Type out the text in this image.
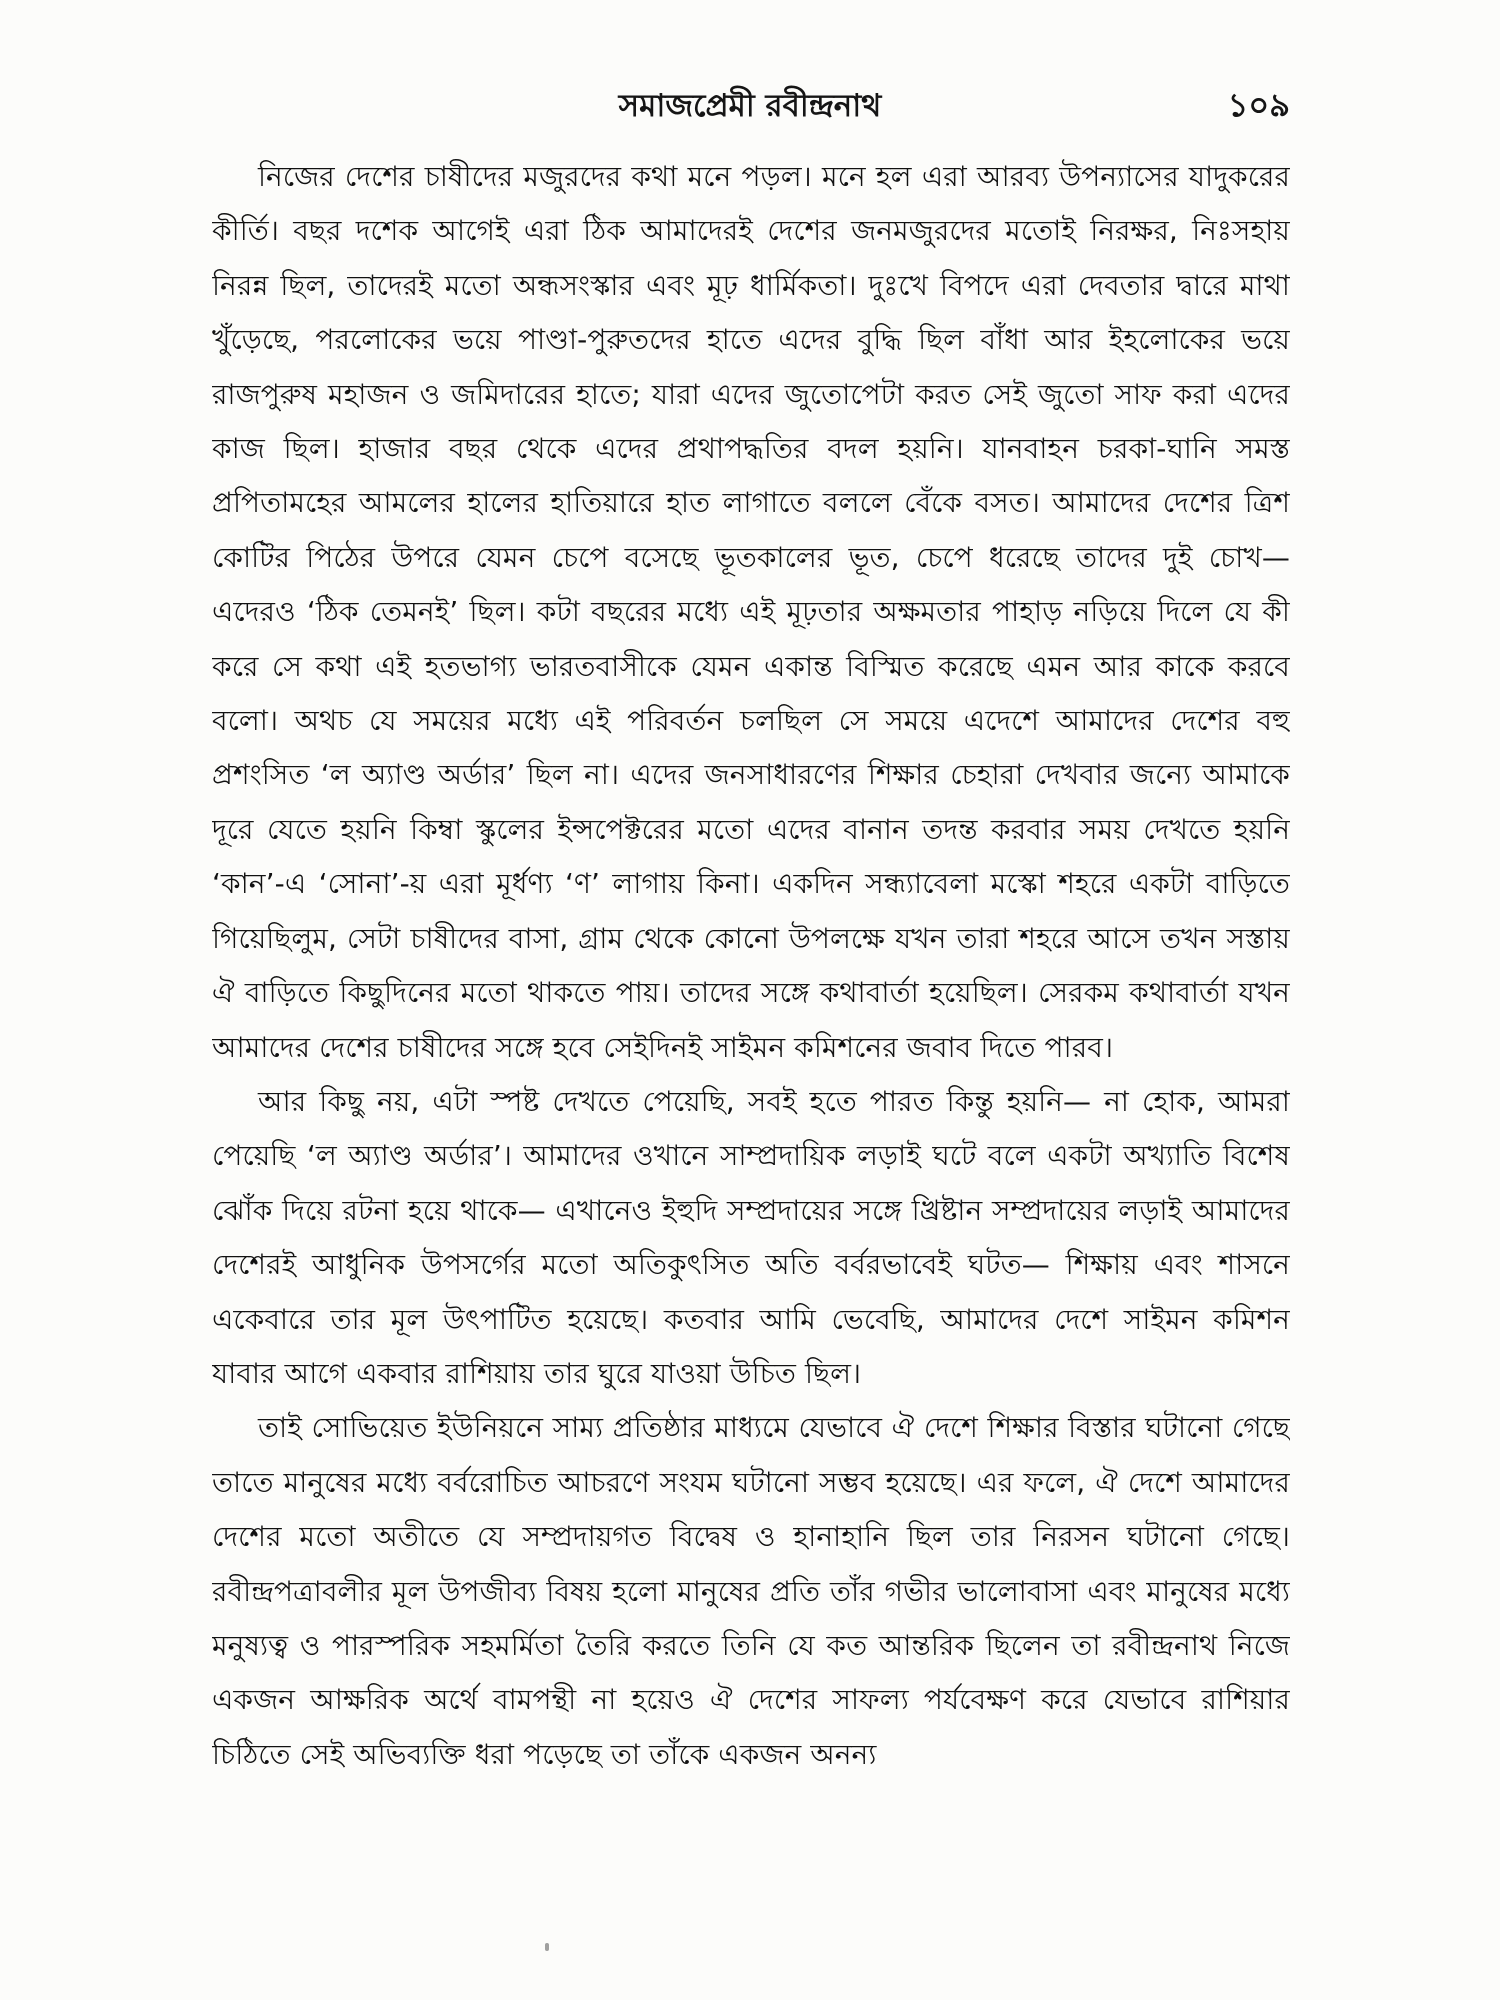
সমাজপ্রেমী রবীন্দ্রনাথ	১০৯

নিজের দেশের চাষীদের মজুরদের কথা মনে পড়ল। মনে হল এরা আরব্য উপন্যাসের যাদুকরের কীর্তি। বছর দশেক আগেই এরা ঠিক আমাদেরই দেশের জনমজুরদের মতোই নিরক্ষর, নিঃসহায় নিরন্ন ছিল, তাদেরই মতো অন্ধসংস্কার এবং মূঢ় ধার্মিকতা। দুঃখে বিপদে এরা দেবতার দ্বারে মাথা খুঁড়েছে, পরলোকের ভয়ে পাণ্ডা-পুরুতদের হাতে এদের বুদ্ধি ছিল বাঁধা আর ইহলোকের ভয়ে রাজপুরুষ মহাজন ও জমিদারের হাতে; যারা এদের জুতোপেটা করত সেই জুতো সাফ করা এদের কাজ ছিল। হাজার বছর থেকে এদের প্রথাপদ্ধতির বদল হয়নি। যানবাহন চরকা-ঘানি সমস্ত প্রপিতামহের আমলের হালের হাতিয়ারে হাত লাগাতে বললে বেঁকে বসত। আমাদের দেশের ত্রিশ কোটির পিঠের উপরে যেমন চেপে বসেছে ভূতকালের ভূত, চেপে ধরেছে তাদের দুই চোখ— এদেরও ‘ঠিক তেমনই’ ছিল। কটা বছরের মধ্যে এই মূঢ়তার অক্ষমতার পাহাড় নড়িয়ে দিলে যে কী করে সে কথা এই হতভাগ্য ভারতবাসীকে যেমন একান্ত বিস্মিত করেছে এমন আর কাকে করবে বলো। অথচ যে সময়ের মধ্যে এই পরিবর্তন চলছিল সে সময়ে এদেশে আমাদের দেশের বহু প্রশংসিত ‘ল অ্যাণ্ড অর্ডার’ ছিল না। এদের জনসাধারণের শিক্ষার চেহারা দেখবার জন্যে আমাকে দূরে যেতে হয়নি কিম্বা স্কুলের ইন্সপেক্টরের মতো এদের বানান তদন্ত করবার সময় দেখতে হয়নি ‘কান’-এ ‘সোনা’-য় এরা মূর্ধণ্য ‘ণ’ লাগায় কিনা। একদিন সন্ধ্যাবেলা মস্কো শহরে একটা বাড়িতে গিয়েছিলুম, সেটা চাষীদের বাসা, গ্রাম থেকে কোনো উপলক্ষে যখন তারা শহরে আসে তখন সস্তায় ঐ বাড়িতে কিছুদিনের মতো থাকতে পায়। তাদের সঙ্গে কথাবার্তা হয়েছিল। সেরকম কথাবার্তা যখন আমাদের দেশের চাষীদের সঙ্গে হবে সেইদিনই সাইমন কমিশনের জবাব দিতে পারব।

আর কিছু নয়, এটা স্পষ্ট দেখতে পেয়েছি, সবই হতে পারত কিন্তু হয়নি— না হোক, আমরা পেয়েছি ‘ল অ্যাণ্ড অর্ডার’। আমাদের ওখানে সাম্প্রদায়িক লড়াই ঘটে বলে একটা অখ্যাতি বিশেষ ঝোঁক দিয়ে রটনা হয়ে থাকে— এখানেও ইহুদি সম্প্রদায়ের সঙ্গে খ্রিষ্টান সম্প্রদায়ের লড়াই আমাদের দেশেরই আধুনিক উপসর্গের মতো অতিকুৎসিত অতি বর্বরভাবেই ঘটত— শিক্ষায় এবং শাসনে একেবারে তার মূল উৎপাটিত হয়েছে। কতবার আমি ভেবেছি, আমাদের দেশে সাইমন কমিশন যাবার আগে একবার রাশিয়ায় তার ঘুরে যাওয়া উচিত ছিল।

তাই সোভিয়েত ইউনিয়নে সাম্য প্রতিষ্ঠার মাধ্যমে যেভাবে ঐ দেশে শিক্ষার বিস্তার ঘটানো গেছে তাতে মানুষের মধ্যে বর্বরোচিত আচরণে সংযম ঘটানো সম্ভব হয়েছে। এর ফলে, ঐ দেশে আমাদের দেশের মতো অতীতে যে সম্প্রদায়গত বিদ্বেষ ও হানাহানি ছিল তার নিরসন ঘটানো গেছে। রবীন্দ্রপত্রাবলীর মূল উপজীব্য বিষয় হলো মানুষের প্রতি তাঁর গভীর ভালোবাসা এবং মানুষের মধ্যে মনুষ্যত্ব ও পারস্পরিক সহমর্মিতা তৈরি করতে তিনি যে কত আন্তরিক ছিলেন তা রবীন্দ্রনাথ নিজে একজন আক্ষরিক অর্থে বামপন্থী না হয়েও ঐ দেশের সাফল্য পর্যবেক্ষণ করে যেভাবে রাশিয়ার চিঠিতে সেই অভিব্যক্তি ধরা পড়েছে তা তাঁকে একজন অনন্য
